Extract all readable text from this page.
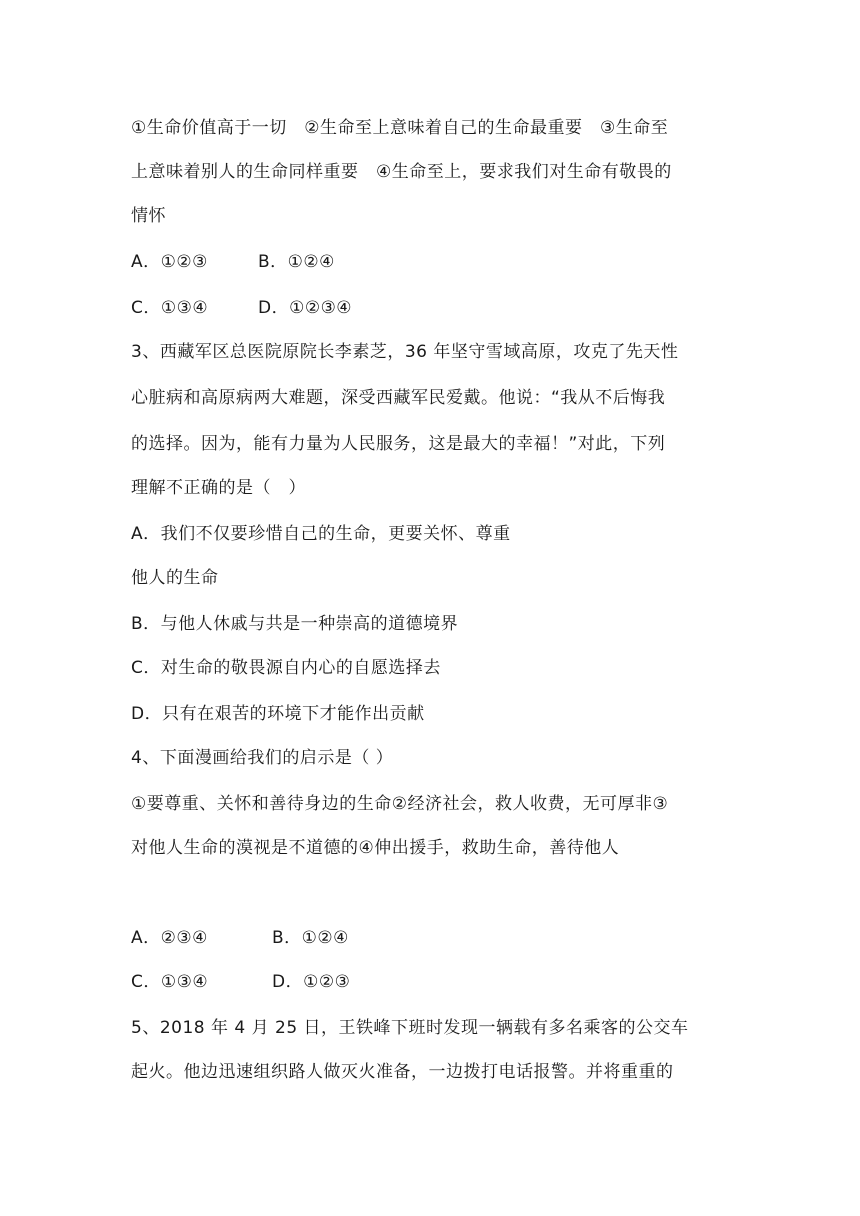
①生命价值高于一切　②生命至上意味着自己的生命最重要　③生命至
上意味着别人的生命同样重要　④生命至上，要求我们对生命有敬畏的
情怀
A．①②③	B．①②④
C．①③④	D．①②③④
3、西藏军区总医院原院长李素芝，36 年坚守雪域高原，攻克了先天性
心脏病和高原病两大难题，深受西藏军民爱戴。他说：“我从不后悔我
的选择。因为，能有力量为人民服务，这是最大的幸福！”对此，下列
理解不正确的是（　）
A．我们不仅要珍惜自己的生命，更要关怀、尊重
他人的生命
B．与他人休戚与共是一种崇高的道德境界
C．对生命的敬畏源自内心的自愿选择去
D．只有在艰苦的环境下才能作出贡献
4、下面漫画给我们的启示是（ ）
①要尊重、关怀和善待身边的生命②经济社会，救人收费，无可厚非③
对他人生命的漠视是不道德的④伸出援手，救助生命，善待他人
A．②③④	B．①②④
C．①③④	D．①②③
5、2018 年 4 月 25 日，王铁峰下班时发现一辆载有多名乘客的公交车
起火。他边迅速组织路人做灭火准备，一边拨打电话报警。并将重重的
